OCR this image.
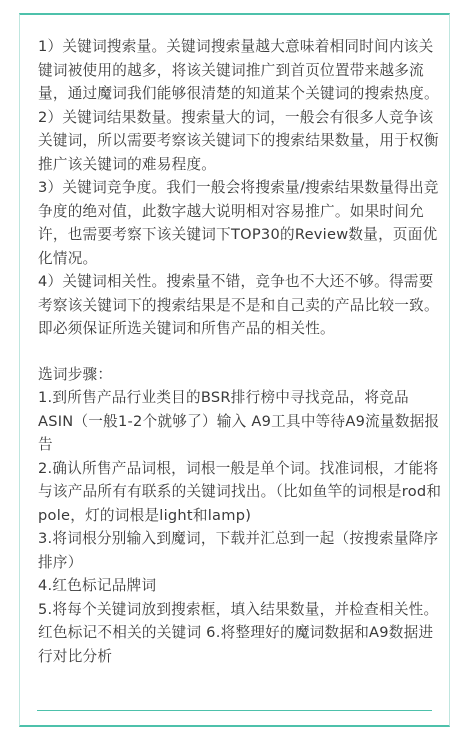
1）关键词搜索量。关键词搜索量越大意味着相同时间内该关键词被使用的越多，将该关键词推广到首页位置带来越多流量，通过魔词我们能够很清楚的知道某个关键词的搜索热度。

2）关键词结果数量。搜索量大的词，一般会有很多人竞争该关键词，所以需要考察该关键词下的搜索结果数量，用于权衡推广该关键词的难易程度。

3）关键词竞争度。我们一般会将搜索量/搜索结果数量得出竞争度的绝对值，此数字越大说明相对容易推广。如果时间允许，也需要考察下该关键词下TOP30的Review数量，页面优化情况。

4）关键词相关性。搜索量不错，竞争也不大还不够。得需要考察该关键词下的搜索结果是不是和自己卖的产品比较一致。即必须保证所选关键词和所售产品的相关性。

选词步骤：

1.到所售产品行业类目的BSR排行榜中寻找竞品，将竞品ASIN（一般1-2个就够了）输入 A9工具中等待A9流量数据报告

2.确认所售产品词根，词根一般是单个词。找准词根，才能将与该产品所有有联系的关键词找出。（比如鱼竿的词根是rod和pole，灯的词根是light和lamp)

3.将词根分别输入到魔词，下载并汇总到一起（按搜索量降序排序）

4.红色标记品牌词

5.将每个关键词放到搜索框，填入结果数量，并检查相关性。红色标记不相关的关键词 6.将整理好的魔词数据和A9数据进行对比分析
